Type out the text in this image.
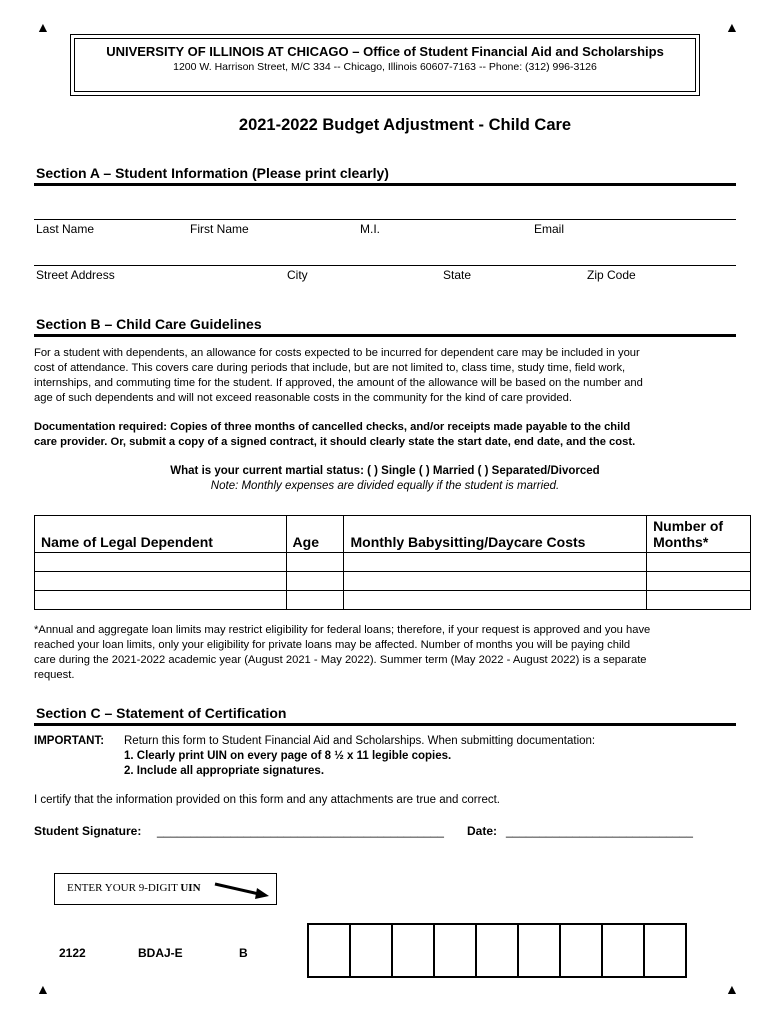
▲	▲
▲	▲
UNIVERSITY OF ILLINOIS AT CHICAGO – Office of Student Financial Aid and Scholarships
1200 W. Harrison Street, M/C 334 -- Chicago, Illinois 60607-7163 -- Phone: (312) 996-3126
2021-2022 Budget Adjustment - Child Care
Section A – Student Information (Please print clearly)
Last Name	First Name	M.I.	Email
Street Address	City	State	Zip Code
Section B – Child Care Guidelines
For a student with dependents, an allowance for costs expected to be incurred for dependent care may be included in your
cost of attendance. This covers care during periods that include, but are not limited to, class time, study time, field work,
internships, and commuting time for the student. If approved, the amount of the allowance will be based on the number and
age of such dependents and will not exceed reasonable costs in the community for the kind of care provided.
Documentation required: Copies of three months of cancelled checks, and/or receipts made payable to the child
care provider. Or, submit a copy of a signed contract, it should clearly state the start date, end date, and the cost.
What is your current martial status: ( ) Single ( ) Married ( ) Separated/Divorced
Note: Monthly expenses are divided equally if the student is married.
Name of Legal Dependent	Age	Monthly Babysitting/Daycare Costs	Number of
Months*

*Annual and aggregate loan limits may restrict eligibility for federal loans; therefore, if your request is approved and you have
reached your loan limits, only your eligibility for private loans may be affected. Number of months you will be paying child
care during the 2021-2022 academic year (August 2021 - May 2022). Summer term (May 2022 - August 2022) is a separate
request.
Section C – Statement of Certification
IMPORTANT: Return this form to Student Financial Aid and Scholarships. When submitting documentation:
1. Clearly print UIN on every page of 8 ½ x 11 legible copies.
2. Include all appropriate signatures.
I certify that the information provided on this form and any attachments are true and correct.
Student Signature: ___________________________________________ Date: ____________________________
ENTER YOUR 9-DIGIT UIN
2122	BDAJ-E	B
